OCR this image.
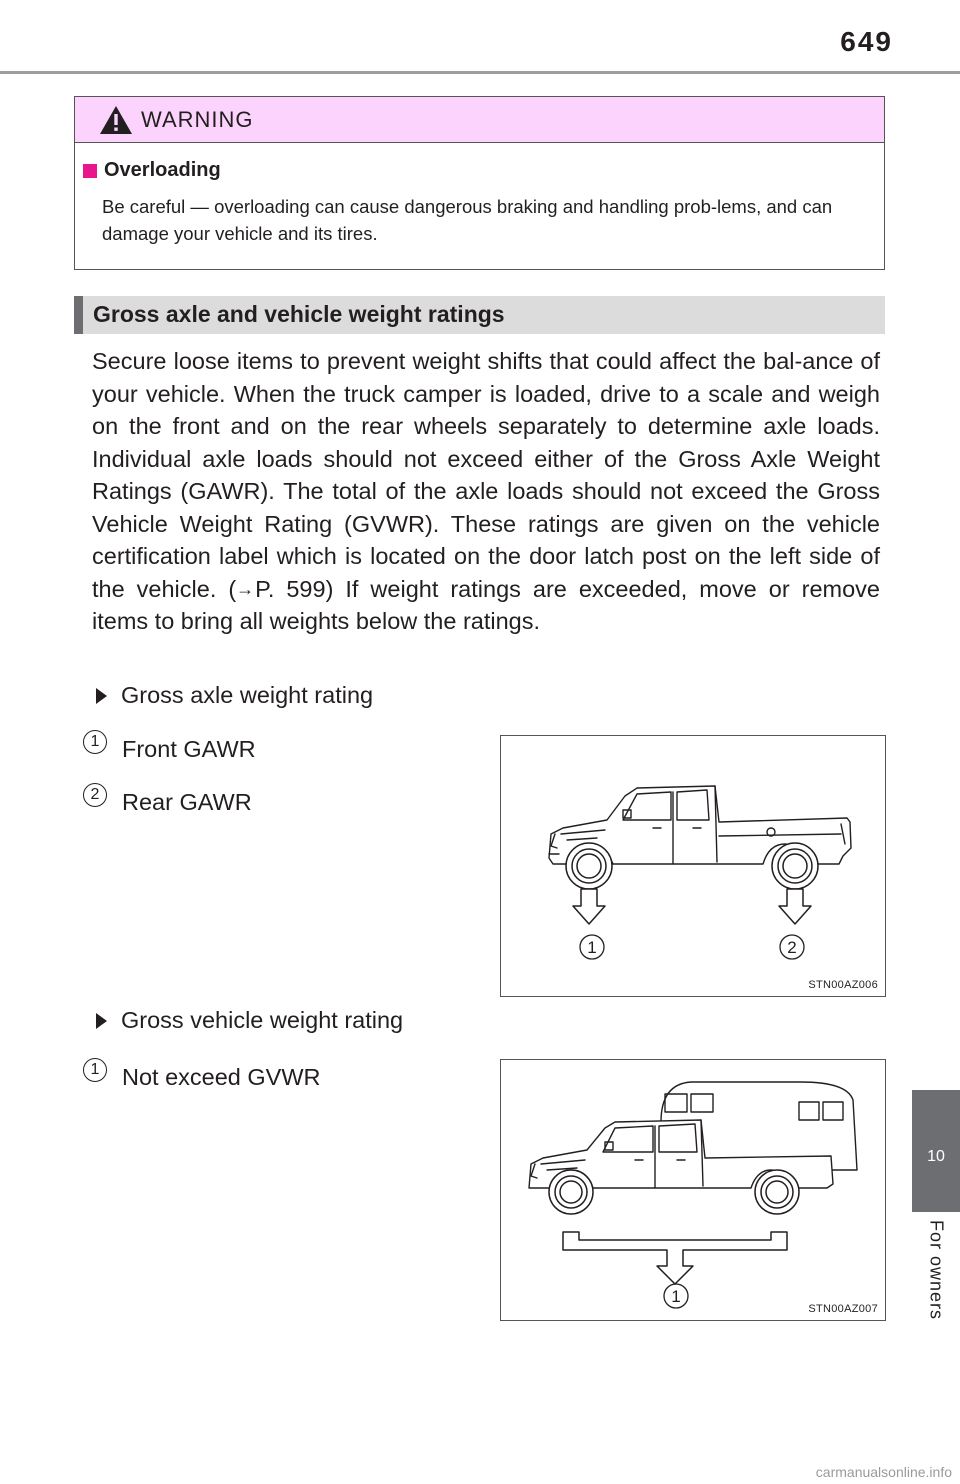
649
WARNING
Overloading
Be careful — overloading can cause dangerous braking and handling prob-lems, and can damage your vehicle and its tires.
Gross axle and vehicle weight ratings
Secure loose items to prevent weight shifts that could affect the bal-ance of your vehicle. When the truck camper is loaded, drive to a scale and weigh on the front and on the rear wheels separately to determine axle loads. Individual axle loads should not exceed either of the Gross Axle Weight Ratings (GAWR). The total of the axle loads should not exceed the Gross Vehicle Weight Rating (GVWR). These ratings are given on the vehicle certification label which is located on the door latch post on the left side of the vehicle. (→P. 599) If weight ratings are exceeded, move or remove items to bring all weights below the ratings.
Gross axle weight rating
1 Front GAWR
2 Rear GAWR
1	2
STN00AZ006
Gross vehicle weight rating
1 Not exceed GVWR
1
STN00AZ007
10
For owners
carmanualsonline.info
